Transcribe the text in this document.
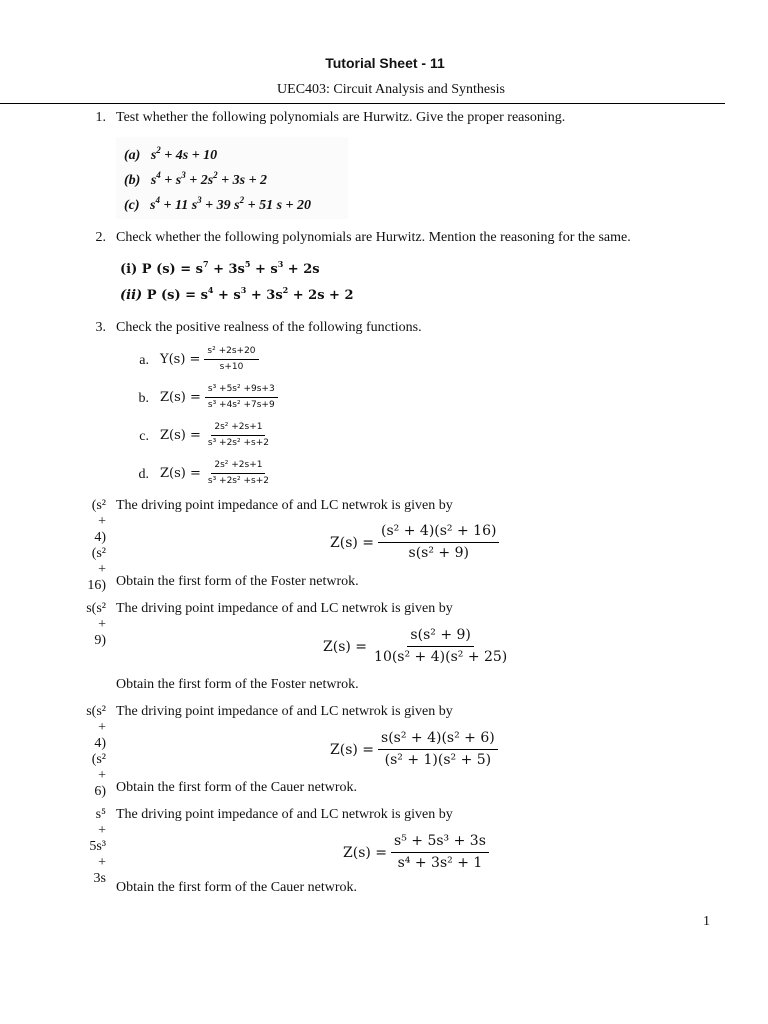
Tutorial Sheet - 11
UEC403: Circuit Analysis and Synthesis
1. Test whether the following polynomials are Hurwitz. Give the proper reasoning.
(a)   $s^2 + 4s + 10$
(b)   $s^4 + s^3 + 2s^2 + 3s + 2$
(c)   $s^4 + 11$ $s^3 + 39$ $s^2 + 51$ s + 20
2. Check whether the following polynomials are Hurwitz. Mention the reasoning for the same.
(i) P $(s) = s^7 + 3s^5 + s^3 + 2s$
(ii) P $(s) = s^4 + s^3 + 3s^2 + 2s + 2$
3. Check the positive realness of the following functions.
a. $Y(s) = \frac{\text{s² +2s+20}}{s+10}$
b. $Z(s) = \frac{\text{s³ +5s² +9s+3}}{\text{s³ +4s² +7s+9}}$
c. $Z(s) = \frac{\text{2s² +2s+1}}{\text{s³ +2s² +s+2}}$
d. $Z(s) = \frac{\text{2s² +2s+1}}{\text{s³ +2s² +s+2}}$
(s² + 4)(s² + 16)
The driving point impedance of and LC netwrok is given by
$Z(s) = \frac{\text{(s² + 4)(s² + 16)}}{\text{s(s² + 9)}}$
Obtain the first form of the Foster netwrok.
s(s² + 9)
The driving point impedance of and LC netwrok is given by
$Z(s) = \frac{\text{s(s² + 9)}}{\text{10(s² + 4)(s² + 25)}}$
Obtain the first form of the Foster netwrok.
s(s² + 4)(s² + 6)
The driving point impedance of and LC netwrok is given by
$Z(s) = \frac{\text{s(s² + 4)(s² + 6)}}{\text{(s² + 1)(s² + 5)}}$
Obtain the first form of the Cauer netwrok.
s⁵ + 5s³ + 3s
The driving point impedance of and LC netwrok is given by
$Z(s) = \frac{\text{s⁵ + 5s³ + 3s}}{\text{s⁴ + 3s² + 1}}$
Obtain the first form of the Cauer netwrok.
1
